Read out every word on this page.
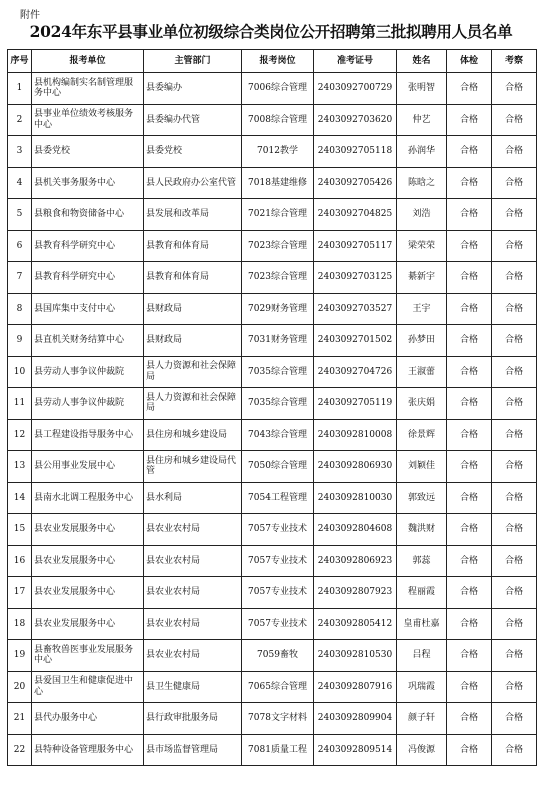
附件
2024年东平县事业单位初级综合类岗位公开招聘第三批拟聘用人员名单
序号	报考单位	主管部门	报考岗位	准考证号	姓名	体检	考察
1	县机构编制实名制管理服务中心	县委编办	7006综合管理	2403092700729	张明智	合格	合格
2	县事业单位绩效考核服务中心	县委编办代管	7008综合管理	2403092703620	仲艺	合格	合格
3	县委党校	县委党校	7012教学	2403092705118	孙润华	合格	合格
4	县机关事务服务中心	县人民政府办公室代管	7018基建维修	2403092705426	陈晗之	合格	合格
5	县粮食和物资储备中心	县发展和改革局	7021综合管理	2403092704825	刘浩	合格	合格
6	县教育科学研究中心	县教育和体育局	7023综合管理	2403092705117	梁荣荣	合格	合格
7	县教育科学研究中心	县教育和体育局	7023综合管理	2403092703125	綦新宇	合格	合格
8	县国库集中支付中心	县财政局	7029财务管理	2403092703527	王宇	合格	合格
9	县直机关财务结算中心	县财政局	7031财务管理	2403092701502	孙梦田	合格	合格
10	县劳动人事争议仲裁院	县人力资源和社会保障局	7035综合管理	2403092704726	王淑蕾	合格	合格
11	县劳动人事争议仲裁院	县人力资源和社会保障局	7035综合管理	2403092705119	张庆娟	合格	合格
12	县工程建设指导服务中心	县住房和城乡建设局	7043综合管理	2403092810008	徐景辉	合格	合格
13	县公用事业发展中心	县住房和城乡建设局代管	7050综合管理	2403092806930	刘颖佳	合格	合格
14	县南水北调工程服务中心	县水利局	7054工程管理	2403092810030	郭致远	合格	合格
15	县农业发展服务中心	县农业农村局	7057专业技术	2403092804608	魏洪财	合格	合格
16	县农业发展服务中心	县农业农村局	7057专业技术	2403092806923	郭蕊	合格	合格
17	县农业发展服务中心	县农业农村局	7057专业技术	2403092807923	程丽霞	合格	合格
18	县农业发展服务中心	县农业农村局	7057专业技术	2403092805412	皇甫杜嘉	合格	合格
19	县畜牧兽医事业发展服务中心	县农业农村局	7059畜牧	2403092810530	吕程	合格	合格
20	县爱国卫生和健康促进中心	县卫生健康局	7065综合管理	2403092807916	巩瑞霞	合格	合格
21	县代办服务中心	县行政审批服务局	7078文字材料	2403092809904	颜子轩	合格	合格
22	县特种设备管理服务中心	县市场监督管理局	7081质量工程	2403092809514	冯俊源	合格	合格
